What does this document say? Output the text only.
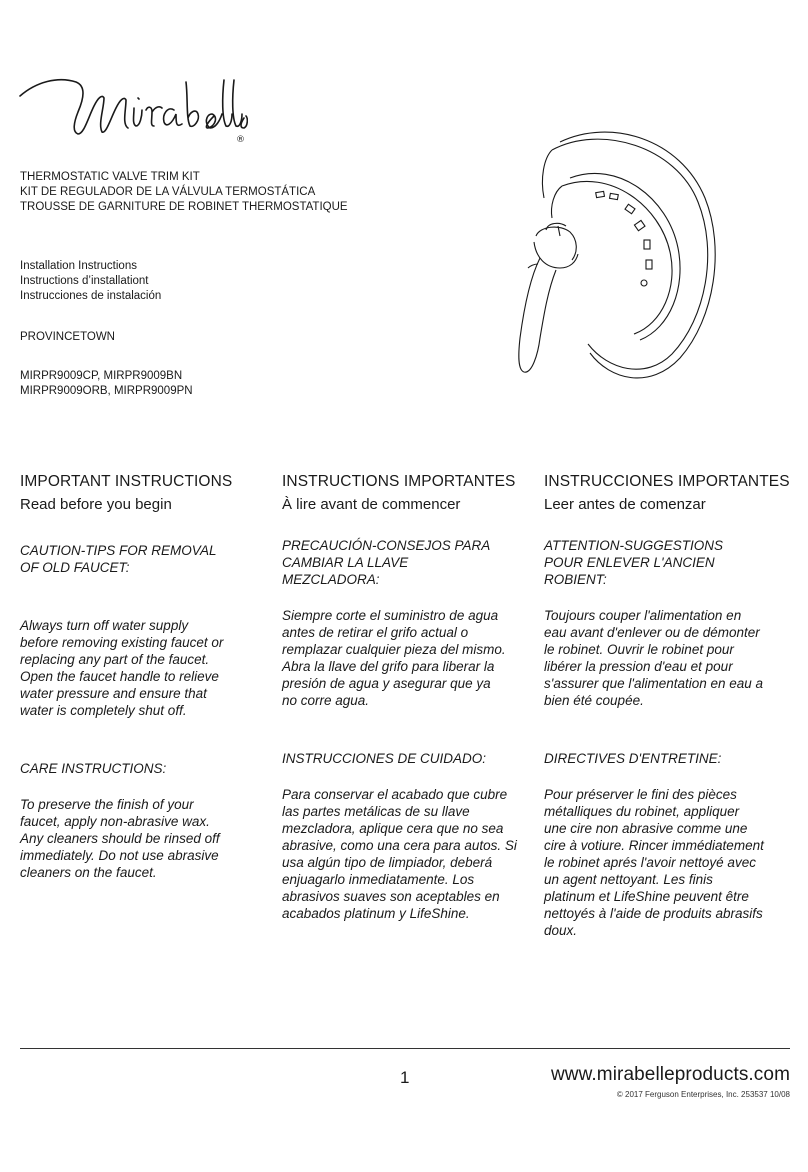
®
THERMOSTATIC VALVE TRIM KIT
KIT DE REGULADOR DE LA VÁLVULA TERMOSTÁTICA
TROUSSE DE GARNITURE DE ROBINET THERMOSTATIQUE
Installation Instructions
Instructions d’installationt
Instrucciones de instalación
PROVINCETOWN
MIRPR9009CP, MIRPR9009BN
MIRPR9009ORB, MIRPR9009PN
IMPORTANT INSTRUCTIONS
Read before you begin

CAUTION-TIPS FOR REMOVAL OF OLD FAUCET:

Always turn off water supply before removing existing faucet or replacing any part of the faucet. Open the faucet handle to relieve water pressure and ensure that water is completely shut off.

CARE INSTRUCTIONS:

To preserve the finish of your faucet, apply non-abrasive wax. Any cleaners should be rinsed off immediately. Do not use abrasive cleaners on the faucet.

INSTRUCTIONS IMPORTANTES
À lire avant de commencer

PRECAUCIÓN-CONSEJOS PARA CAMBIAR LA LLAVE MEZCLADORA:

Siempre corte el suministro de agua antes de retirar el grifo actual o remplazar cualquier pieza del mismo. Abra la llave del grifo para liberar la presión de agua y asegurar que ya no corre agua.

INSTRUCCIONES DE CUIDADO:

Para conservar el acabado que cubre las partes metálicas de su llave mezcladora, aplique cera que no sea abrasive, como una cera para autos. Si usa algún tipo de limpiador, deberá enjuagarlo inmediatamente. Los abrasivos suaves son aceptables en acabados platinum y LifeShine.

INSTRUCCIONES IMPORTANTES
Leer antes de comenzar

ATTENTION-SUGGESTIONS POUR ENLEVER L'ANCIEN ROBIENT:

Toujours couper l'alimentation en eau avant d'enlever ou de démonter le robinet. Ouvrir le robinet pour libérer la pression d'eau et pour s'assurer que l'alimentation en eau a bien été coupée.

DIRECTIVES D'ENTRETINE:

Pour préserver le fini des pièces métalliques du robinet, appliquer une cire non abrasive comme une cire à votiure. Rincer immédiatement le robinet aprés l'avoir nettoyé avec un agent nettoyant. Les finis platinum et LifeShine peuvent être nettoyés à l'aide de produits abrasifs doux.

1	www.mirabelleproducts.com
© 2017 Ferguson Enterprises, Inc. 253537 10/08
